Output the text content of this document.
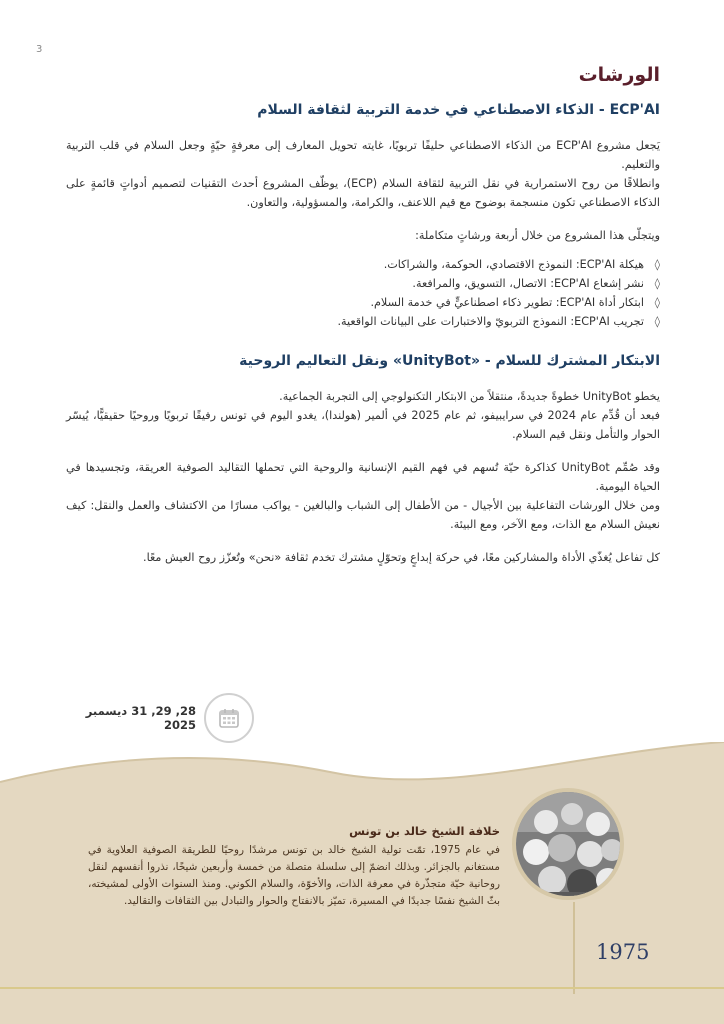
3
الورشات
ECP'AI - الذكاء الاصطناعي في خدمة التربية لثقافة السلام

يَجعل مشروع ECP'AI من الذكاء الاصطناعي حليفًا تربويًا، غايته تحويل المعارف إلى معرفةٍ حيّةٍ وجعل السلام في قلب التربية والتعليم.

وانطلاقًا من روح الاستمرارية في نقل التربية لثقافة السلام (ECP)، يوظّف المشروع أحدث التقنيات لتصميم أدواتٍ قائمةٍ على الذكاء الاصطناعي تكون منسجمة بوضوح مع قيم اللاعنف، والكرامة، والمسؤولية، والتعاون.

ويتجلّى هذا المشروع من خلال أربعة ورشاتٍ متكاملة:

◊
هيكلة ECP'AI: النموذج الاقتصادي، الحوكمة، والشراكات.
◊
نشر إشعاع ECP'AI: الاتصال، التسويق، والمرافعة.
◊
ابتكار أداة ECP'AI: تطوير ذكاء اصطناعيٍّ في خدمة السلام.
◊
تجريب ECP'AI: النموذج التربويّ والاختبارات على البيانات الواقعية.
الابتكار المشترك للسلام - «UnityBot» ونقل التعاليم الروحية

يخطو UnityBot خطوةً جديدةً، منتقلاً من الابتكار التكنولوجي إلى التجربة الجماعية.

فبعد أن قُدِّم عام 2024 في سرايبيفو، ثم عام 2025 في ألمير (هولندا)، يغدو اليوم في تونس رفيقًا تربويًا وروحيًا حقيقيًّا، يُيسّر الحوار والتأمل ونقل قيم السلام.

وقد صُمِّم UnityBot كذاكرة حيّة تُسهم في فهم القيم الإنسانية والروحية التي تحملها التقاليد الصوفية العريقة، وتجسيدها في الحياة اليومية.

ومن خلال الورشات التفاعلية بين الأجيال - من الأطفال إلى الشباب والبالغين - يواكب مسارًا من الاكتشاف والعمل والنقل: كيف نعيش السلام مع الذات، ومع الآخر، ومع البيئة.

كل تفاعل يُغذّي الأداة والمشاركين معًا، في حركة إبداعٍ وتحوّلٍ مشترك تخدم ثقافة «نحن» وتُعزّز روح العيش معًا.

28, 29, 31 ديسمبر 2025
خلافة الشيخ خالد بن تونس

في عام 1975، تمّت تولية الشيخ خالد بن تونس مرشدًا روحيًا للطريقة الصوفية العلاوية في مستغانم بالجزائر. وبذلك انضمّ إلى سلسلة متصلة من خمسة وأربعين شيخًا، نذروا أنفسهم لنقل روحانية حيّة متجذّرة في معرفة الذات، والأخوّة، والسلام الكوني. ومنذ السنوات الأولى لمشيخته، بثّ الشيخ نفسًا جديدًا في المسيرة، تميّز بالانفتاح والحوار والتبادل بين الثقافات والتقاليد.

1975
